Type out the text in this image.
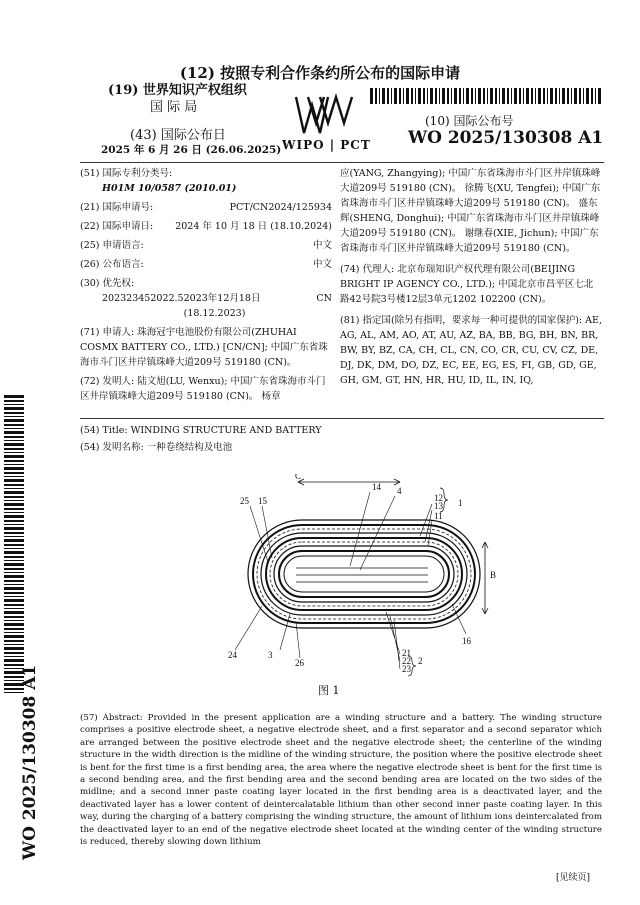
(12) 按照专利合作条约所公布的国际申请
(19) 世界知识产权组织
国 际 局
(43) 国际公布日
2025 年 6 月 26 日 (26.06.2025) WIPO | PCT
(10) 国际公布号
WO 2025/130308 A1
(51) 国际专利分类号:
H01M 10/0587 (2010.01)
(21) 国际申请号:	PCT/CN2024/125934
(22) 国际申请日: 2024 年 10 月 18 日 (18.10.2024)
(25) 申请语言:	中文
(26) 公布语言:	中文
(30) 优先权:
202323452022.5 2023年12月18日 (18.12.2023)
CN
(71) 申请人: 珠海冠宇电池股份有限公司(ZHUHAI COSMX BATTERY CO., LTD.) [CN/CN]; 中国广东省珠海市斗门区井岸镇珠峰大道209号 519180 (CN)。
(72) 发明人: 陆文旭(LU, Wenxu); 中国广东省珠海市斗门区井岸镇珠峰大道209号 519180 (CN)。 杨章
应(YANG, Zhangying); 中国广东省珠海市斗门区井岸镇珠峰大道209号 519180 (CN)。 徐腾飞(XU, Tengfei); 中国广东省珠海市斗门区井岸镇珠峰大道209号 519180 (CN)。 盛东辉(SHENG, Donghui); 中国广东省珠海市斗门区井岸镇珠峰大道209号 519180 (CN)。 谢继春(XIE, Jichun); 中国广东省珠海市斗门区井岸镇珠峰大道209号 519180 (CN)。
(74) 代理人: 北京布瑞知识产权代理有限公司(BEIJING BRIGHT IP AGENCY CO., LTD.); 中国北京市昌平区七北路42号院3号楼12层3单元1202 102200 (CN)。
(81) 指定国(除另有指明，要求每一种可提供的国家保护): AE, AG, AL, AM, AO, AT, AU, AZ, BA, BB, BG, BH, BN, BR, BW, BY, BZ, CA, CH, CL, CN, CO, CR, CU, CV, CZ, DE, DJ, DK, DM, DO, DZ, EC, EE, EG, ES, FI, GB, GD, GE, GH, GM, GT, HN, HR, HU, ID, IL, IN, IQ,
(54) Title: WINDING STRUCTURE AND BATTERY
(54) 发明名称: 一种卷绕结构及电池
WO 2025/130308 A1
C
14 4
12
13 1
11
25 15
B
16
24	3
26
21
22 2
23
图 1
(57) Abstract: Provided in the present application are a winding structure and a battery. The winding structure comprises a positive electrode sheet, a negative electrode sheet, and a first separator and a second separator which are arranged between the positive electrode sheet and the negative electrode sheet; the centerline of the winding structure in the width direction is the midline of the winding structure, the position where the positive electrode sheet is bent for the first time is a first bending area, the area where the negative electrode sheet is bent for the first time is a second bending area, and the first bending area and the second bending area are located on the two sides of the midline; and a second inner paste coating layer located in the first bending area is a deactivated layer, and the deactivated layer has a lower content of deintercalatable lithium than other second inner paste coating layer. In this way, during the charging of a battery comprising the winding structure, the amount of lithium ions deintercalated from the deactivated layer to an end of the negative electrode sheet located at the winding center of the winding structure is reduced, thereby slowing down lithium
[见续页]
